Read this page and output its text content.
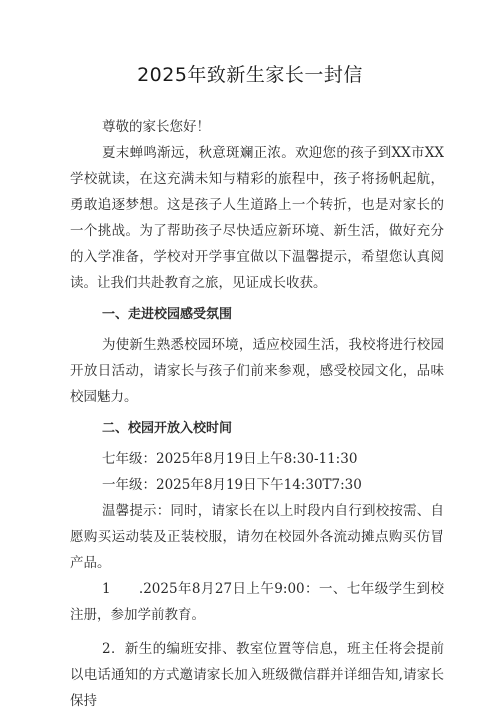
2025年致新生家长一封信

尊敬的家长您好！

夏末蝉鸣渐远，秋意斑斓正浓。欢迎您的孩子到XX市XX学校就读，在这充满未知与精彩的旅程中，孩子将扬帆起航，勇敢追逐梦想。这是孩子人生道路上一个转折，也是对家长的一个挑战。为了帮助孩子尽快适应新环境、新生活，做好充分的入学准备，学校对开学事宜做以下温馨提示，希望您认真阅读。让我们共赴教育之旅，见证成长收获。

一、走进校园感受氛围

为使新生熟悉校园环境，适应校园生活，我校将进行校园开放日活动，请家长与孩子们前来参观，感受校园文化，品味校园魅力。

二、校园开放入校时间

七年级：2025年8月19日上午8:30-11:30

一年级：2025年8月19日下午14:30T7:30

温馨提示：同时，请家长在以上时段内自行到校按需、自愿购买运动装及正装校服，请勿在校园外各流动摊点购买仿冒产品。

1　　.2025年8月27日上午9:00：一、七年级学生到校注册，参加学前教育。

2．新生的编班安排、教室位置等信息，班主任将会提前以电话通知的方式邀请家长加入班级微信群并详细告知,请家长保持
